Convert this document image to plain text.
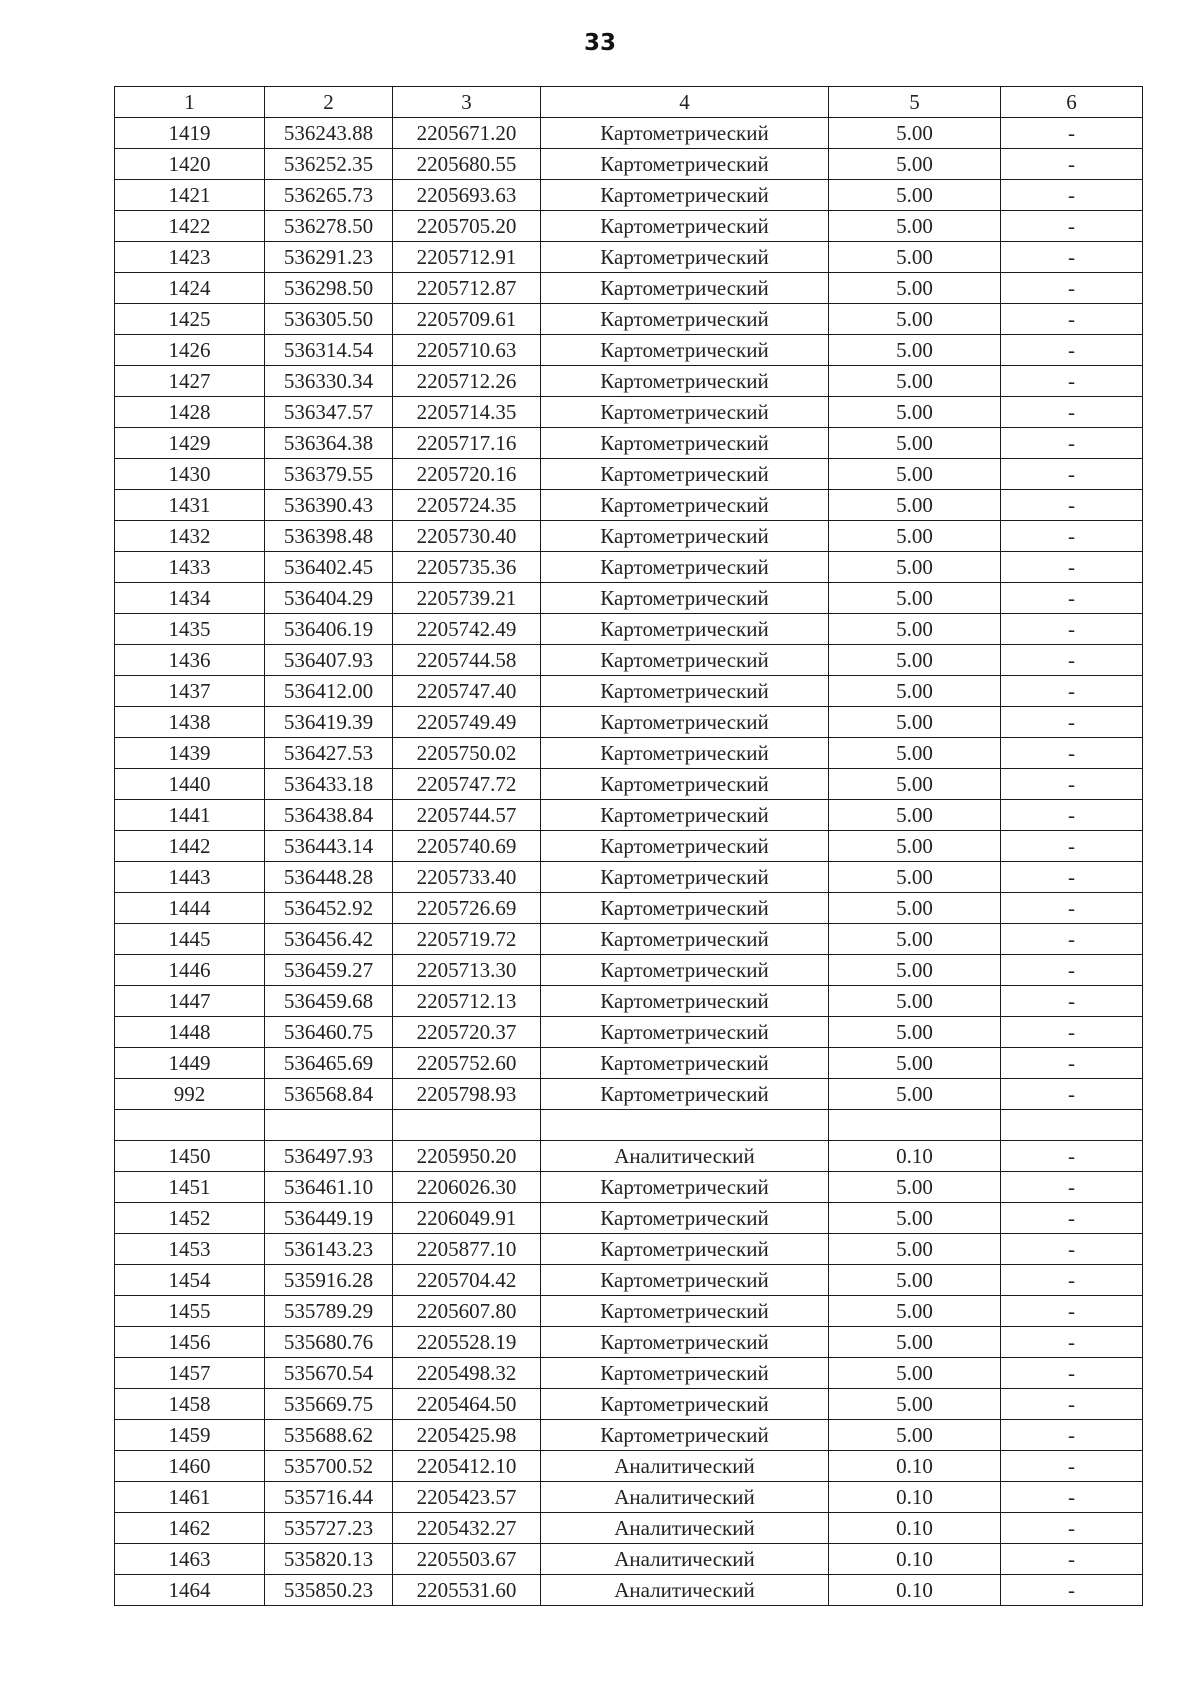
33
1	2	3	4	5	6
1419	536243.88	2205671.20	Картометрический	5.00	-
1420	536252.35	2205680.55	Картометрический	5.00	-
1421	536265.73	2205693.63	Картометрический	5.00	-
1422	536278.50	2205705.20	Картометрический	5.00	-
1423	536291.23	2205712.91	Картометрический	5.00	-
1424	536298.50	2205712.87	Картометрический	5.00	-
1425	536305.50	2205709.61	Картометрический	5.00	-
1426	536314.54	2205710.63	Картометрический	5.00	-
1427	536330.34	2205712.26	Картометрический	5.00	-
1428	536347.57	2205714.35	Картометрический	5.00	-
1429	536364.38	2205717.16	Картометрический	5.00	-
1430	536379.55	2205720.16	Картометрический	5.00	-
1431	536390.43	2205724.35	Картометрический	5.00	-
1432	536398.48	2205730.40	Картометрический	5.00	-
1433	536402.45	2205735.36	Картометрический	5.00	-
1434	536404.29	2205739.21	Картометрический	5.00	-
1435	536406.19	2205742.49	Картометрический	5.00	-
1436	536407.93	2205744.58	Картометрический	5.00	-
1437	536412.00	2205747.40	Картометрический	5.00	-
1438	536419.39	2205749.49	Картометрический	5.00	-
1439	536427.53	2205750.02	Картометрический	5.00	-
1440	536433.18	2205747.72	Картометрический	5.00	-
1441	536438.84	2205744.57	Картометрический	5.00	-
1442	536443.14	2205740.69	Картометрический	5.00	-
1443	536448.28	2205733.40	Картометрический	5.00	-
1444	536452.92	2205726.69	Картометрический	5.00	-
1445	536456.42	2205719.72	Картометрический	5.00	-
1446	536459.27	2205713.30	Картометрический	5.00	-
1447	536459.68	2205712.13	Картометрический	5.00	-
1448	536460.75	2205720.37	Картометрический	5.00	-
1449	536465.69	2205752.60	Картометрический	5.00	-
992	536568.84	2205798.93	Картометрический	5.00	-

1450	536497.93	2205950.20	Аналитический	0.10	-
1451	536461.10	2206026.30	Картометрический	5.00	-
1452	536449.19	2206049.91	Картометрический	5.00	-
1453	536143.23	2205877.10	Картометрический	5.00	-
1454	535916.28	2205704.42	Картометрический	5.00	-
1455	535789.29	2205607.80	Картометрический	5.00	-
1456	535680.76	2205528.19	Картометрический	5.00	-
1457	535670.54	2205498.32	Картометрический	5.00	-
1458	535669.75	2205464.50	Картометрический	5.00	-
1459	535688.62	2205425.98	Картометрический	5.00	-
1460	535700.52	2205412.10	Аналитический	0.10	-
1461	535716.44	2205423.57	Аналитический	0.10	-
1462	535727.23	2205432.27	Аналитический	0.10	-
1463	535820.13	2205503.67	Аналитический	0.10	-
1464	535850.23	2205531.60	Аналитический	0.10	-
